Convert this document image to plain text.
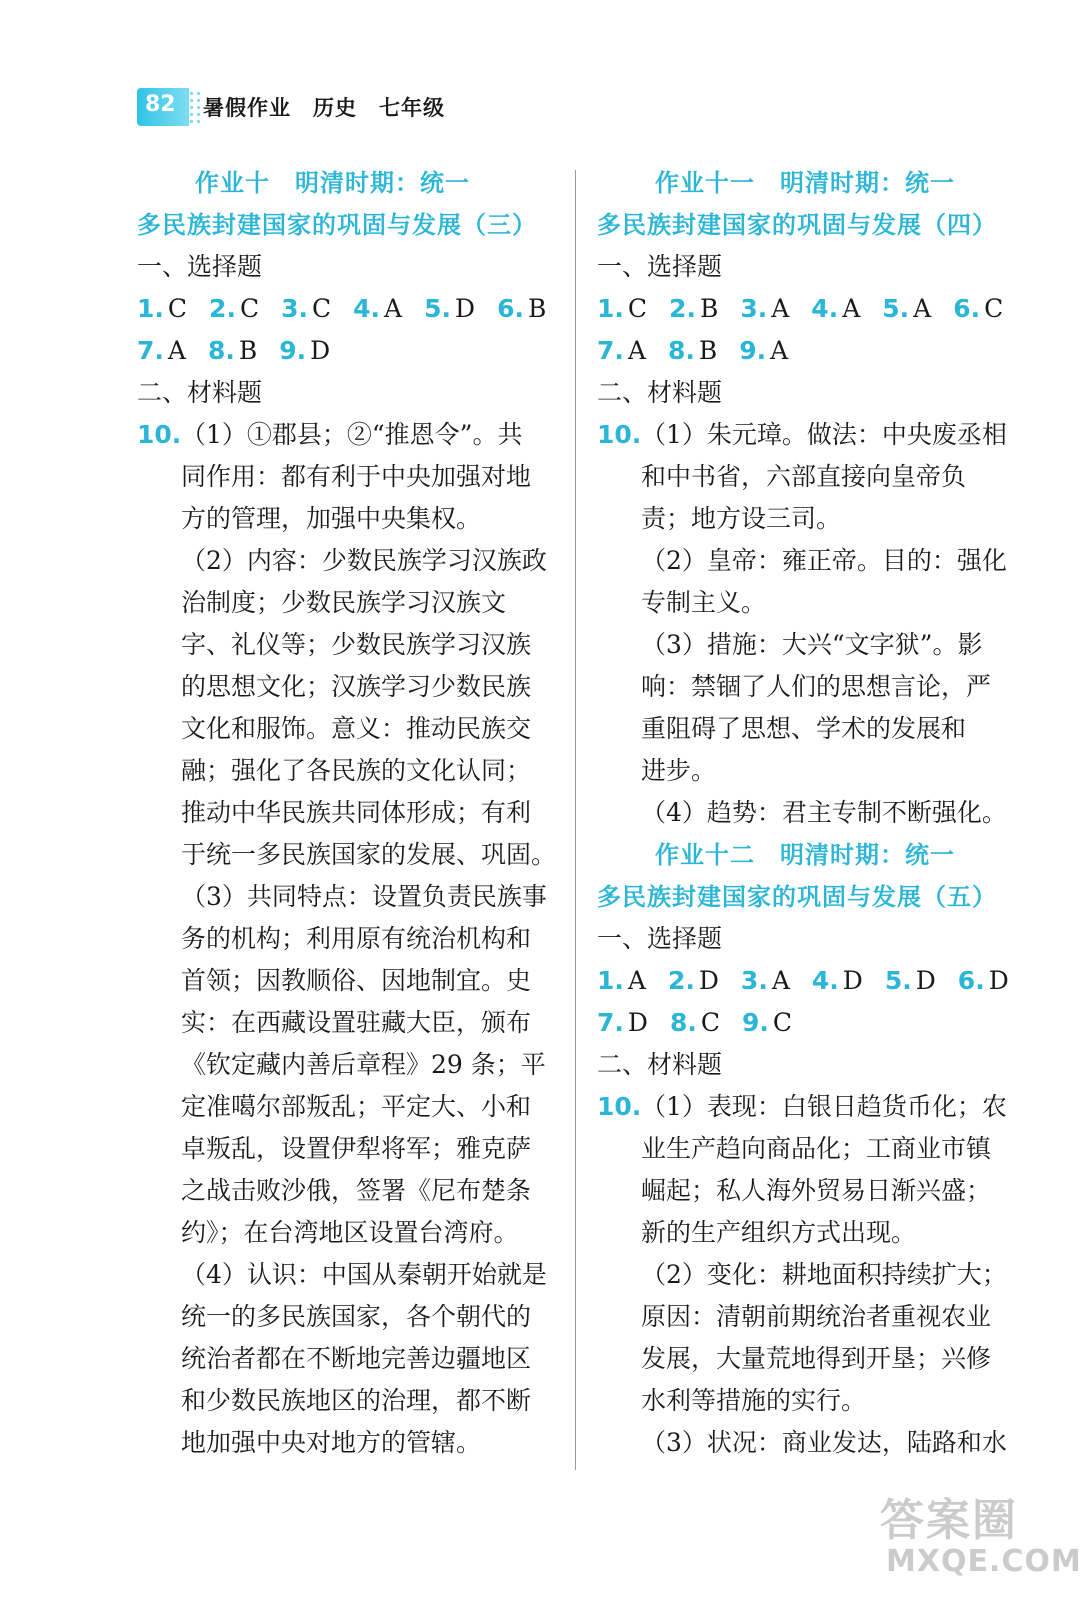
82 暑假作业　历史　七年级
作业十　明清时期：统一
多民族封建国家的巩固与发展（三）
一、选择题
1. C 2. C 3. C 4. A 5. D 6. B
7. A 8. B 9. D
二、材料题
10. （1）①郡县；②“推恩令”。共
同作用：都有利于中央加强对地
方的管理，加强中央集权。
（2）内容：少数民族学习汉族政
治制度；少数民族学习汉族文
字、礼仪等；少数民族学习汉族
的思想文化；汉族学习少数民族
文化和服饰。意义：推动民族交
融；强化了各民族的文化认同；
推动中华民族共同体形成；有利
于统一多民族国家的发展、巩固。
（3）共同特点：设置负责民族事
务的机构；利用原有统治机构和
首领；因教顺俗、因地制宜。史
实：在西藏设置驻藏大臣，颁布
《钦定藏内善后章程》29 条；平
定准噶尔部叛乱；平定大、小和
卓叛乱，设置伊犁将军；雅克萨
之战击败沙俄，签署《尼布楚条
约》；在台湾地区设置台湾府。
（4）认识：中国从秦朝开始就是
统一的多民族国家，各个朝代的
统治者都在不断地完善边疆地区
和少数民族地区的治理，都不断
地加强中央对地方的管辖。
作业十一　明清时期：统一
多民族封建国家的巩固与发展（四）
一、选择题
1. C 2. B 3. A 4. A 5. A 6. C
7. A 8. B 9. A
二、材料题
10. （1）朱元璋。做法：中央废丞相
和中书省，六部直接向皇帝负
责；地方设三司。
（2）皇帝：雍正帝。目的：强化
专制主义。
（3）措施：大兴“文字狱”。影
响：禁锢了人们的思想言论，严
重阻碍了思想、学术的发展和
进步。
（4）趋势：君主专制不断强化。
作业十二　明清时期：统一
多民族封建国家的巩固与发展（五）
一、选择题
1. A 2. D 3. A 4. D 5. D 6. D
7. D 8. C 9. C
二、材料题
10. （1）表现：白银日趋货币化；农
业生产趋向商品化；工商业市镇
崛起；私人海外贸易日渐兴盛；
新的生产组织方式出现。
（2）变化：耕地面积持续扩大；
原因：清朝前期统治者重视农业
发展，大量荒地得到开垦；兴修
水利等措施的实行。
（3）状况：商业发达，陆路和水
答案圈
MXQE.COM
